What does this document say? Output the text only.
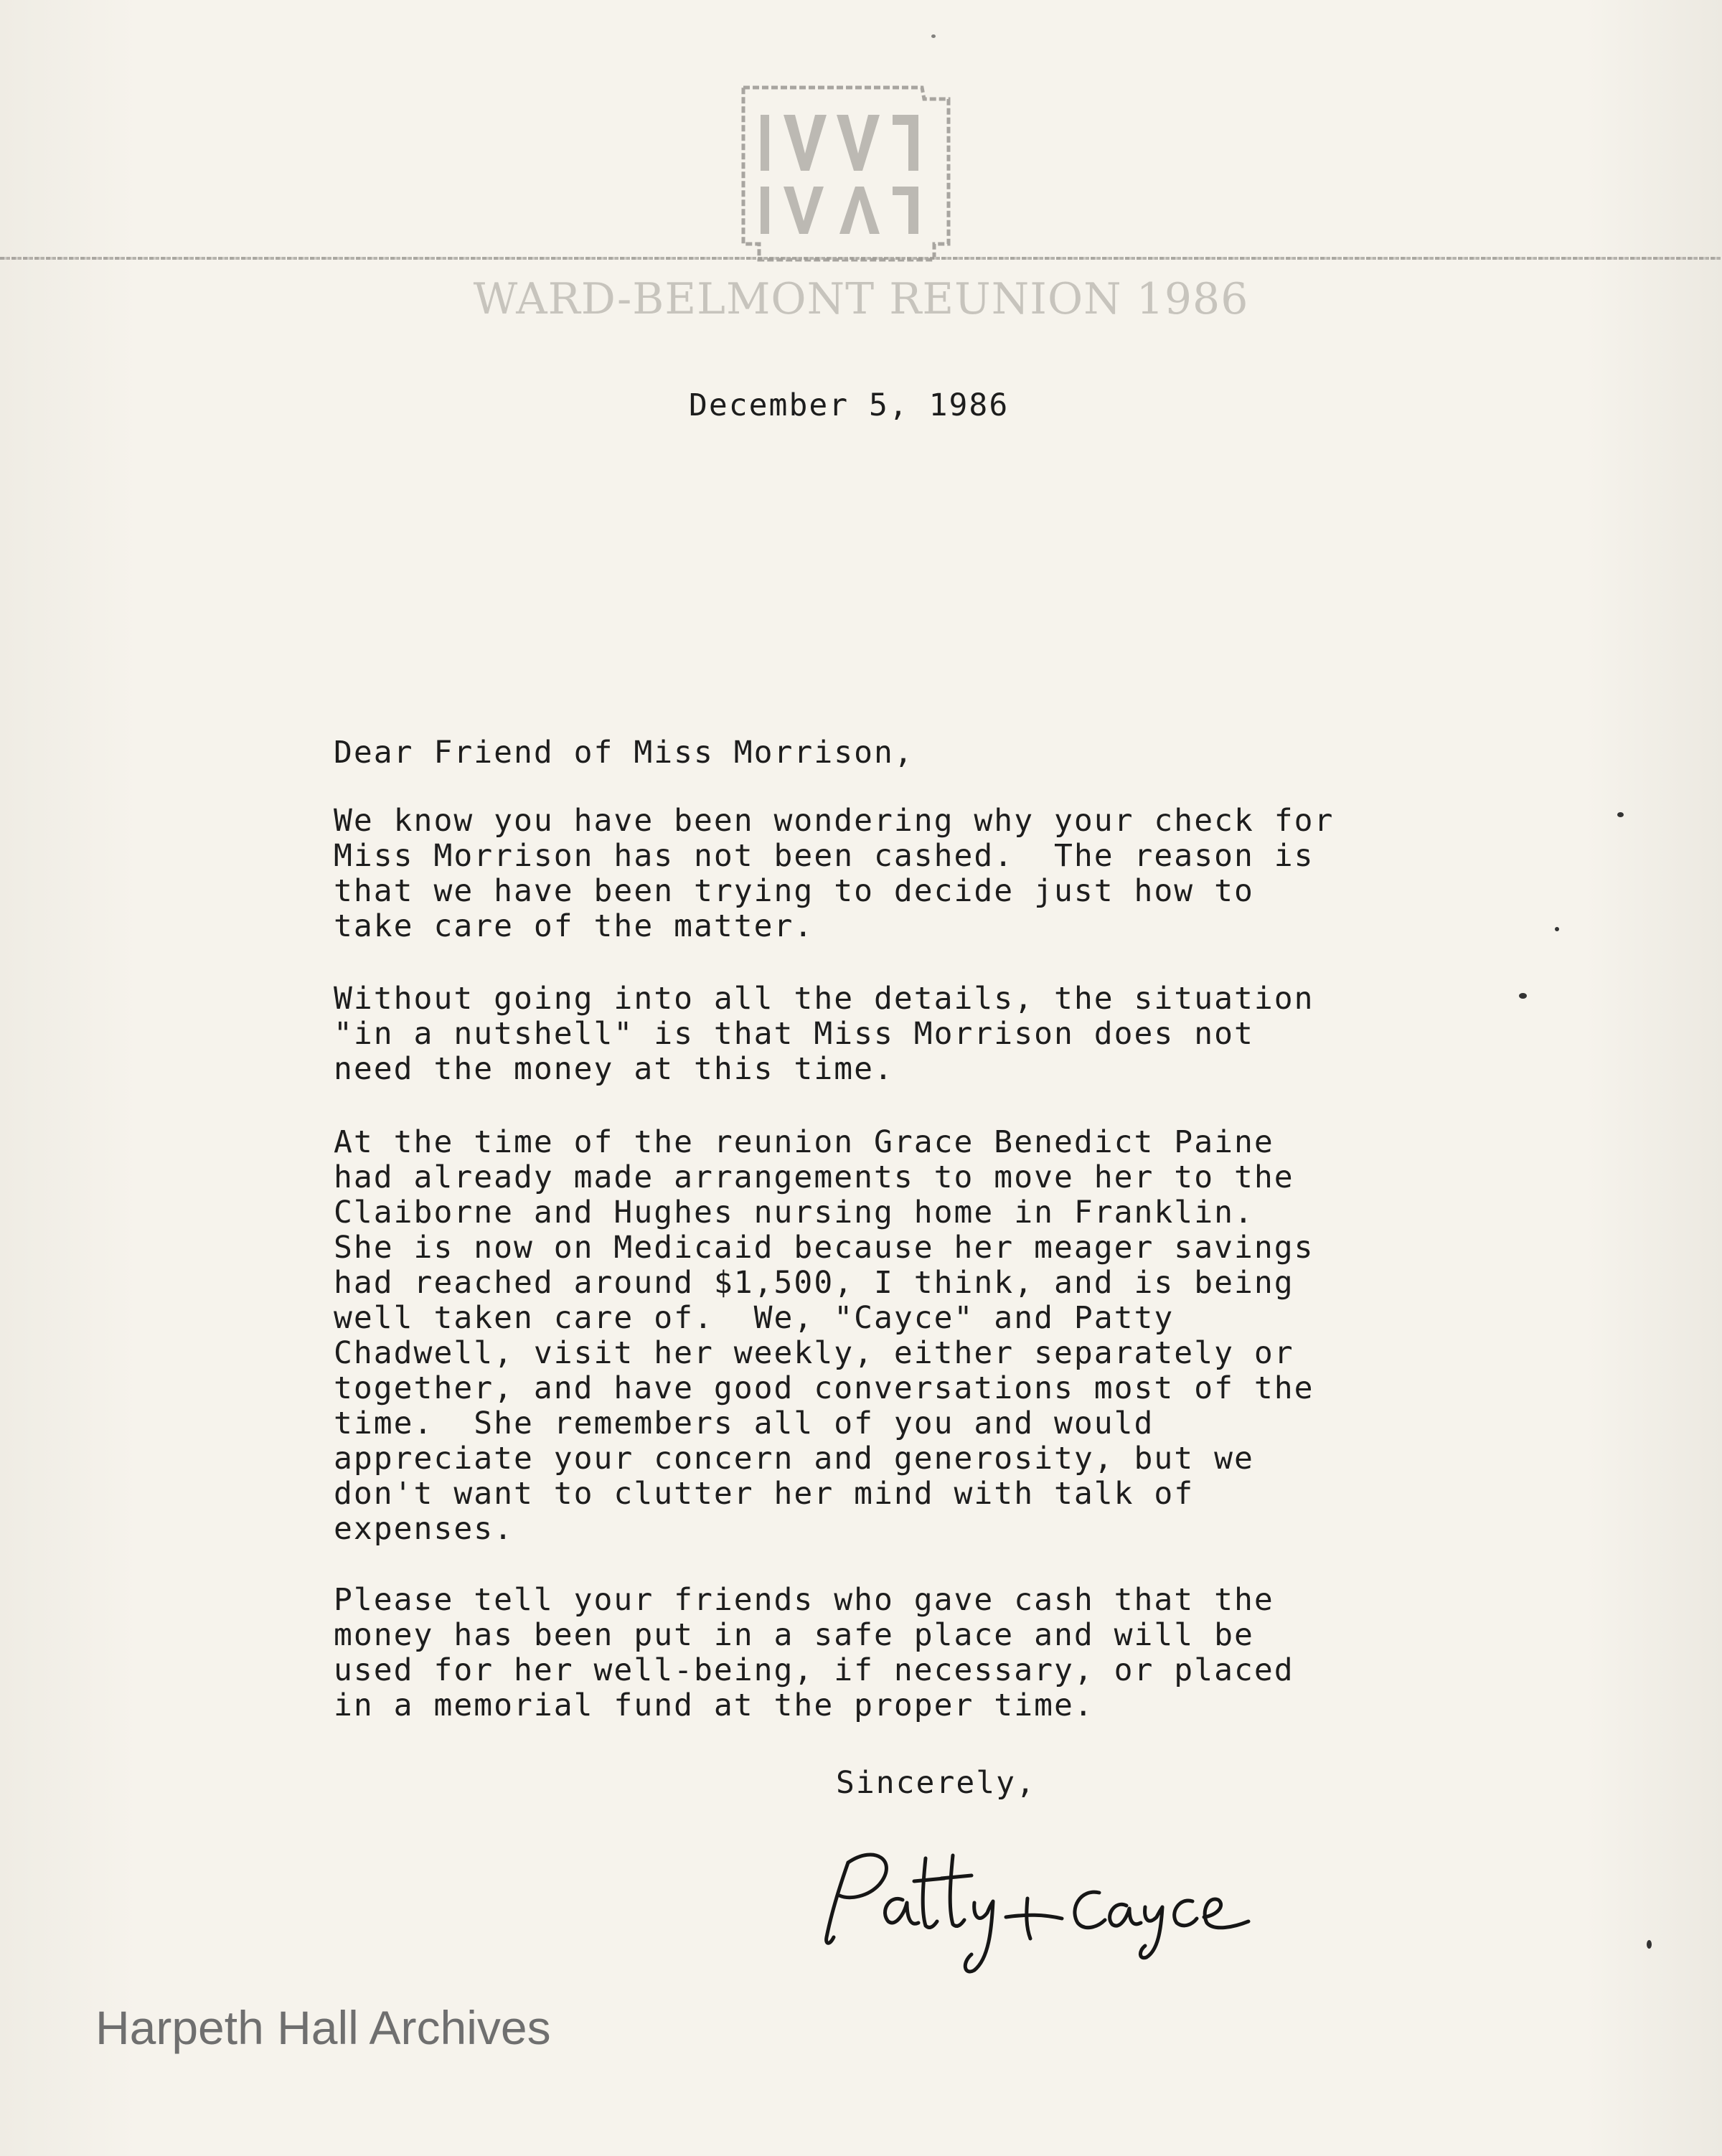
WARD-BELMONT REUNION 1986
December 5, 1986
Dear Friend of Miss Morrison,
We know you have been wondering why your check for
Miss Morrison has not been cashed.  The reason is
that we have been trying to decide just how to
take care of the matter.
Without going into all the details, the situation
"in a nutshell" is that Miss Morrison does not
need the money at this time.
At the time of the reunion Grace Benedict Paine
had already made arrangements to move her to the
Claiborne and Hughes nursing home in Franklin.
She is now on Medicaid because her meager savings
had reached around $1,500, I think, and is being
well taken care of.  We, "Cayce" and Patty
Chadwell, visit her weekly, either separately or
together, and have good conversations most of the
time.  She remembers all of you and would
appreciate your concern and generosity, but we
don't want to clutter her mind with talk of
expenses.
Please tell your friends who gave cash that the
money has been put in a safe place and will be
used for her well-being, if necessary, or placed
in a memorial fund at the proper time.
Sincerely,
Harpeth Hall Archives
